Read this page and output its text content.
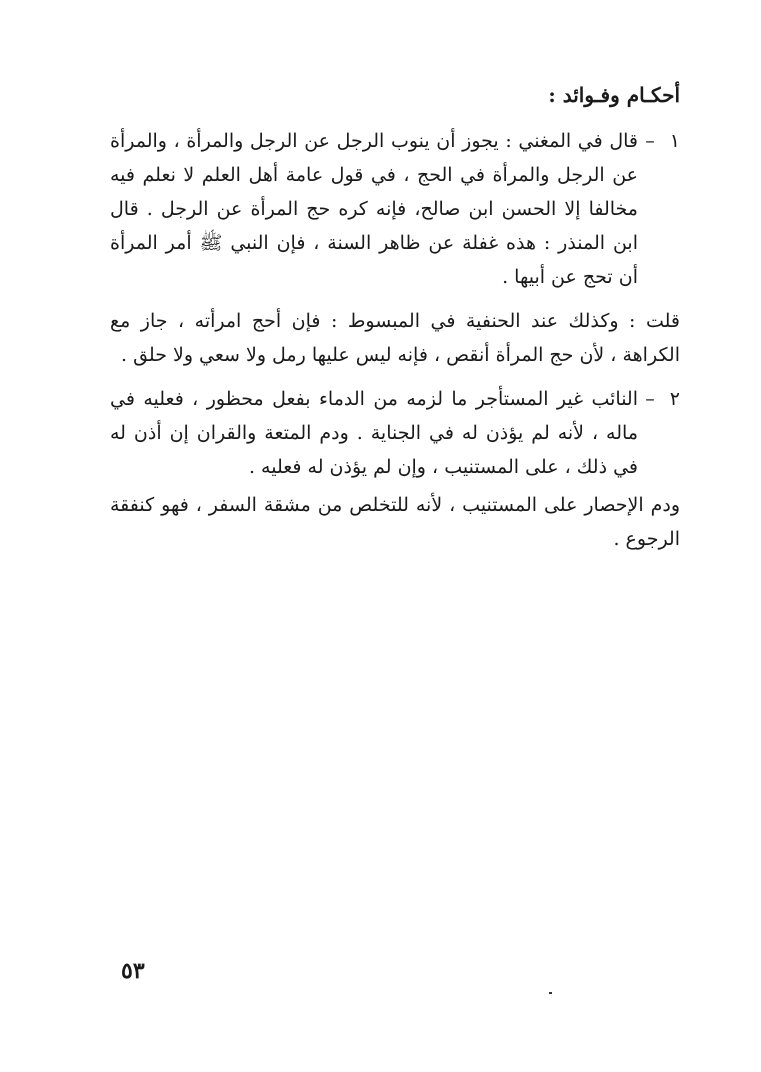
أحكـام وفـوائد :
١
–

قال في المغني : يجوز أن ينوب الرجل عن الرجل والمرأة ، والمرأة عن الرجل والمرأة في الحج ، في قول عامة أهل العلم لا نعلم فيه مخالفا إلا الحسن ابن صالح، فإنه كره حج المرأة عن الرجل . قال ابن المنذر : هذه غفلة عن ظاهر السنة ، فإن النبي ﷺ أمر المرأة أن تحج عن أبيها .

قلت : وكذلك عند الحنفية في المبسوط : فإن أحج امرأته ، جاز مع الكراهة ، لأن حج المرأة أنقص ، فإنه ليس عليها رمل ولا سعي ولا حلق .

٢
–

النائب غير المستأجر ما لزمه من الدماء بفعل محظور ، فعليه في ماله ، لأنه لم يؤذن له في الجناية . ودم المتعة والقران إن أذن له في ذلك ، على المستنيب ، وإن لم يؤذن له فعليه .

ودم الإحصار على المستنيب ، لأنه للتخلص من مشقة السفر ، فهو كنفقة الرجوع .

٥٣
